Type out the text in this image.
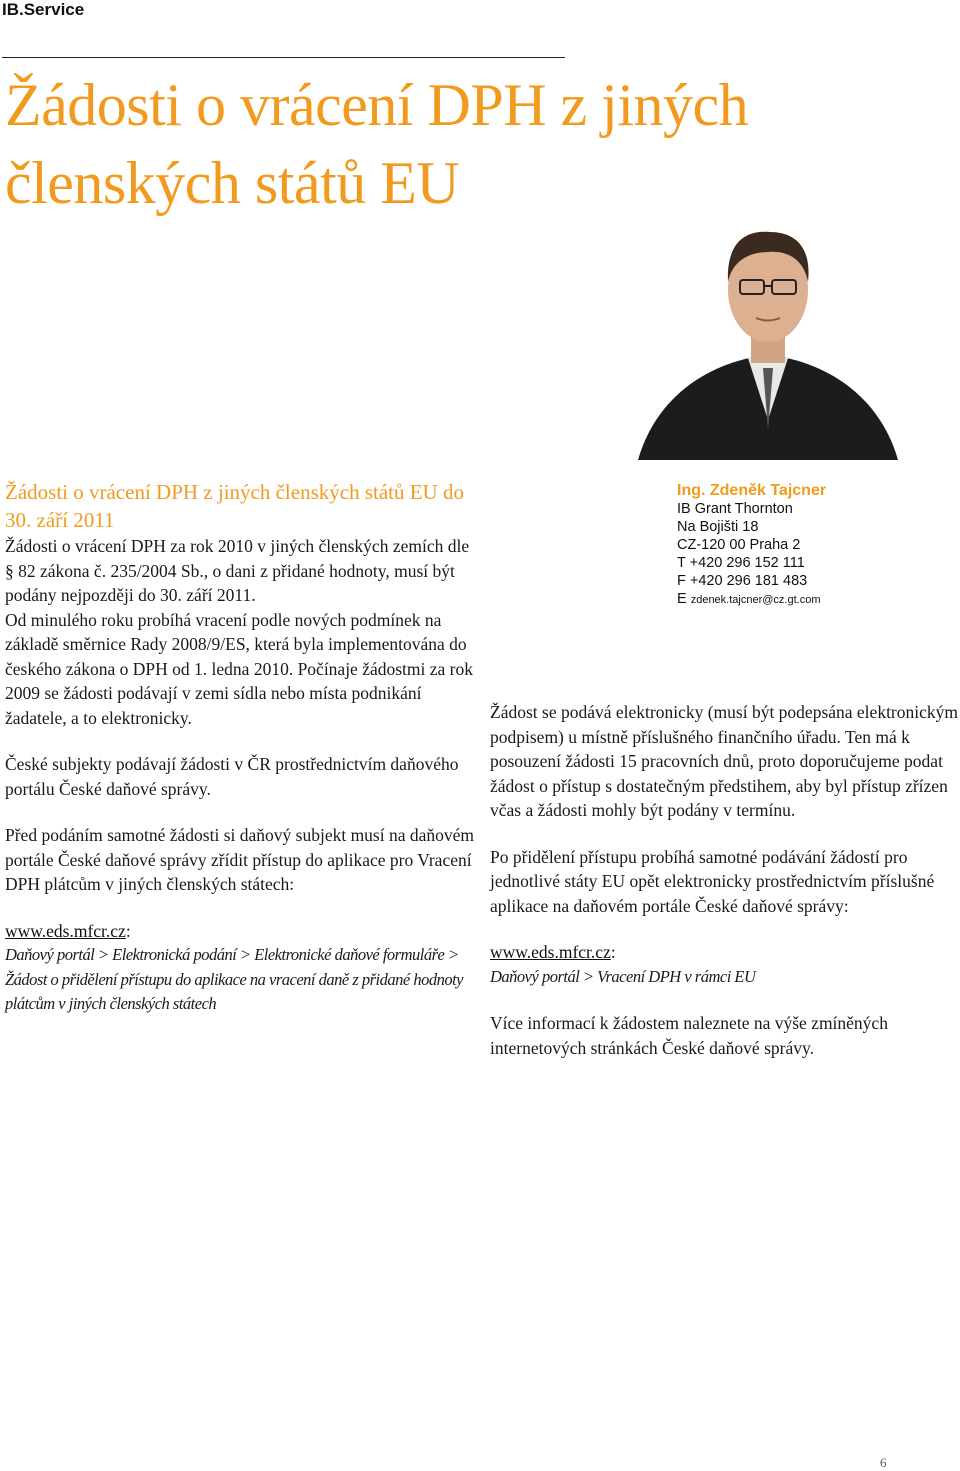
IB.Service
Žádosti o vrácení DPH z jiných
členských států EU
Ing. Zdeněk Tajcner
IB Grant Thornton
Na Bojišti 18
CZ-120 00 Praha 2
T +420 296 152 111
F +420 296 181 483
E zdenek.tajcner@cz.gt.com

Žádosti o vrácení DPH z jiných členských států EU do 30. září 2011

Žádosti o vrácení DPH za rok 2010 v jiných členských zemích dle § 82 zákona č. 235/2004 Sb., o dani z přidané hodnoty, musí být podány nejpozději do 30. září 2011.

Od minulého roku probíhá vracení podle nových podmínek na základě směrnice Rady 2008/9/ES, která byla implementována do českého zákona o DPH od 1. ledna 2010. Počínaje žádostmi za rok 2009 se žádosti podávají v zemi sídla nebo místa podnikání žadatele, a to elektronicky.

České subjekty podávají žádosti v ČR prostřednictvím daňového portálu České daňové správy.

Před podáním samotné žádosti si daňový subjekt musí na daňovém portále České daňové správy zřídit přístup do aplikace pro Vracení DPH plátcům v jiných členských státech:

www.eds.mfcr.cz:

Daňový portál > Elektronická podání > Elektronické daňové formuláře > Žádost o přidělení přístupu do aplikace na vracení daně z přidané hodnoty plátcům v jiných členských státech

Žádost se podává elektronicky (musí být podepsána elektronickým podpisem) u místně příslušného finančního úřadu. Ten má k posouzení žádosti 15 pracovních dnů, proto doporučujeme podat žádost o přístup s dostatečným předstihem, aby byl přístup zřízen včas a žádosti mohly být podány v termínu.

Po přidělení přístupu probíhá samotné podávání žádostí pro jednotlivé státy EU opět elektronicky prostřednictvím příslušné aplikace na daňovém portále České daňové správy:

www.eds.mfcr.cz:

Daňový portál > Vracení DPH v rámci EU

Více informací k žádostem naleznete na výše zmíněných internetových stránkách České daňové správy.

6
